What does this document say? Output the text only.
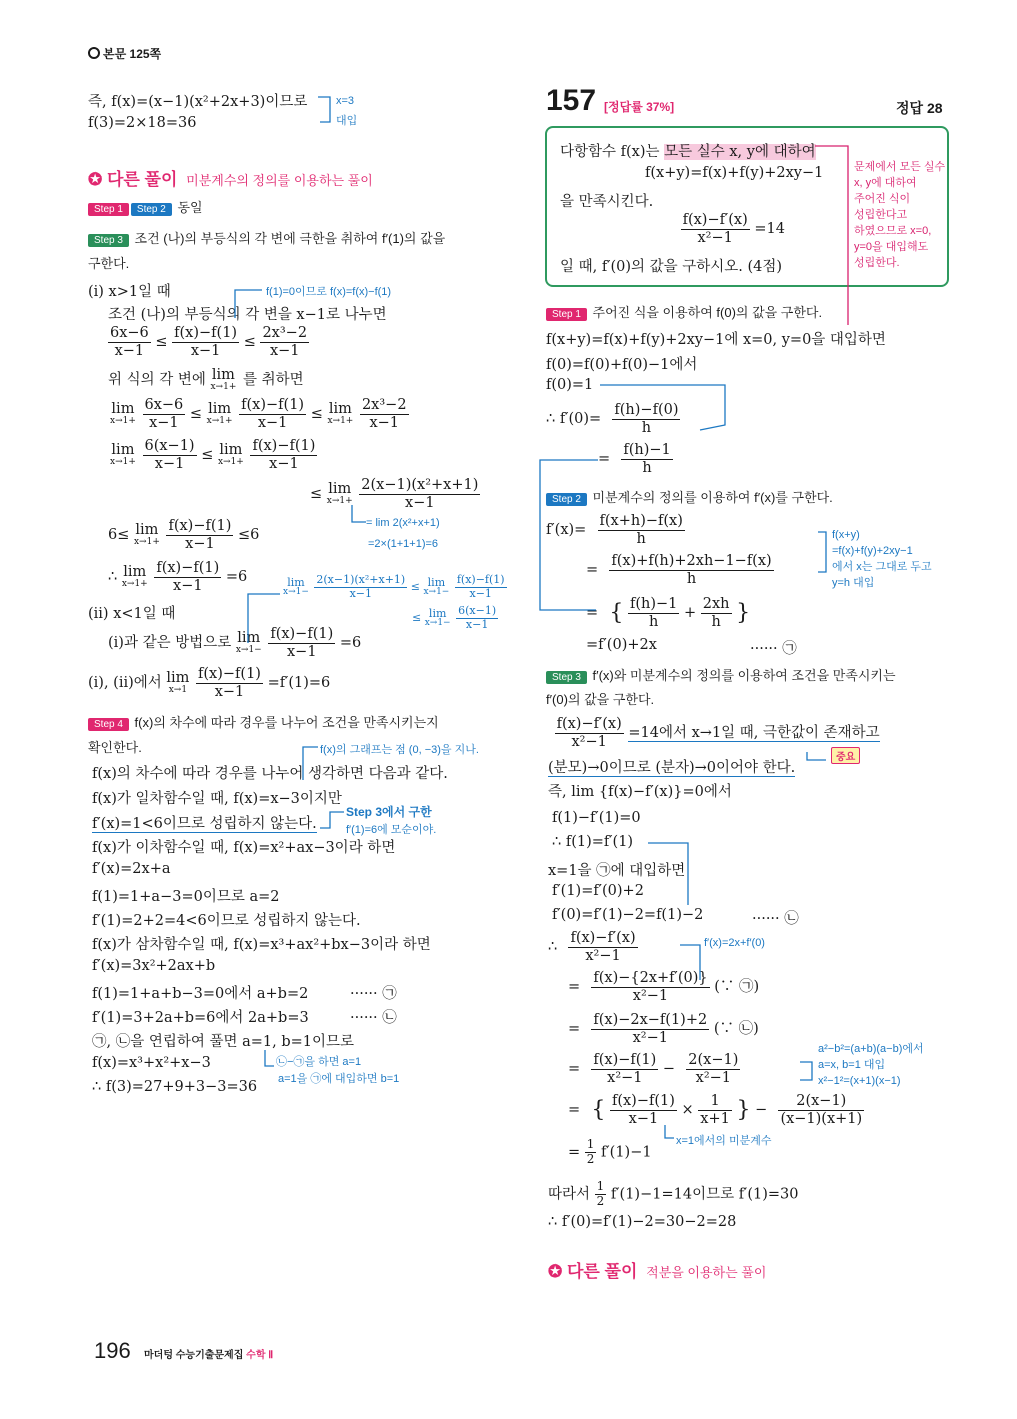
본문 125쪽
즉, f(x)=(x−1)(x²+2x+3)이므로
f(3)=2×18=36
x=3
대입
✪ 다른 풀이 미분계수의 정의를 이용하는 풀이
Step 1 Step 2 동일
Step 3 조건 (나)의 부등식의 각 변에 극한을 취하여 f′(1)의 값을
구한다.
(ⅰ) x>1일 때	f(1)=0이므로 f(x)=f(x)−f(1)
조건 (나)의 부등식의 각 변을 x−1로 나누면
$\frac{6x-6}{x-1} \le \frac{f(x)-f(1)}{x-1} \le \frac{\text{2x³−2}}{x-1}$
위 식의 각 변에 lim
x→1+ 를 취하면
lim
x→1+
$\frac{6x-6}{x-1} \le \lim$
x→1+
$\frac{f(x)-f(1)}{x-1} \le \lim$
x→1+
$\frac{\text{2x³−2}}{x-1}$
lim
x→1+
$\frac{6(x-1)}{x-1} \le \lim$
x→1+
$\frac{f(x)-f(1)}{x-1}$
≤ lim
x→1+
$\frac{\text{2(x−1)(x²+x+1)}}{x-1}$
= lim 2(x²+x+1)
=2×(1+1+1)=6
6≤ lim
x→1+
$\frac{f(x)-f(1)}{x-1} \le 6$
∴ lim
x→1+
$\frac{f(x)-f(1)}{x-1} =6$	lim
x→1−
$\frac{\text{2(x−1)(x²+x+1)}}{x-1} \le \lim$
x→1−
$\frac{f(x)-f(1)}{x-1}$
≤ lim
x→1−
$\frac{6(x-1)}{x-1}$
(ⅱ) x<1일 때
(ⅰ)과 같은 방법으로 lim
x→1−
$\frac{f(x)-f(1)}{x-1} =6$
(ⅰ), (ⅱ)에서 lim
x→1
$\frac{f(x)-f(1)}{x-1} =f'(1)=6$
Step 4 f(x)의 차수에 따라 경우를 나누어 조건을 만족시키는지
확인한다.	f(x)의 그래프는 점 (0, −3)을 지나.
f(x)의 차수에 따라 경우를 나누어 생각하면 다음과 같다.
f(x)가 일차함수일 때, f(x)=x−3이지만
f′(x)=1<6이므로 성립하지 않는다.
Step 3에서 구한
f′(1)=6에 모순이야.
f(x)가 이차함수일 때, f(x)=x²+ax−3이라 하면
f′(x)=2x+a
f(1)=1+a−3=0이므로 a=2
f′(1)=2+2=4<6이므로 성립하지 않는다.
f(x)가 삼차함수일 때, f(x)=x³+ax²+bx−3이라 하면
f′(x)=3x²+2ax+b
f(1)=1+a+b−3=0에서 a+b=2	······ ㉠
f′(1)=3+2a+b=6에서 2a+b=3	······ ㉡
㉠, ㉡을 연립하여 풀면 a=1, b=1이므로
f(x)=x³+x²+x−3
∴ f(3)=27+9+3−3=36
㉡−㉠을 하면 a=1
a=1을 ㉠에 대입하면 b=1
196 마더텅 수능기출문제집 수학 Ⅱ
157 [정답률 37%]	정답 28
다항함수 f(x)는 모든 실수 x, y에 대하여
f(x+y)=f(x)+f(y)+2xy−1
을 만족시킨다.

$\frac{f(x)-f'(x)}{\text{x²−1}} =14$
일 때, f′(0)의 값을 구하시오. (4점)
문제에서 모든 실수
x, y에 대하여
주어진 식이
성립한다고
하였으므로 x=0,
y=0을 대입해도
성립한다.
Step 1 주어진 식을 이용하여 f(0)의 값을 구한다.
f(x+y)=f(x)+f(y)+2xy−1에 x=0, y=0을 대입하면
f(0)=f(0)+f(0)−1에서
f(0)=1
∴ f′(0)=
$\frac{f(h)-f(0)}{h}$
=
$\frac{f(h)-1}{h}$
Step 2 미분계수의 정의를 이용하여 f′(x)를 구한다.
f′(x)=
$\frac{f(x+h)-f(x)}{h}$
=
$\frac{f(x)+f(h)+2xh-1-f(x)}{h}$
f(x+y)
=f(x)+f(y)+2xy−1
에서 x는 그대로 두고
y=h 대입
= { $\frac{f(h)-1}{h} + \frac{2xh}{h}$ }
=f′(0)+2x	······ ㉠
Step 3 f′(x)와 미분계수의 정의를 이용하여 조건을 만족시키는
f′(0)의 값을 구한다.

$\frac{f(x)-f'(x)}{\text{x²−1}} =14$에서 x→1일 때, 극한값이 존재하고
(분모)→0이므로 (분자)→0이어야 한다.
중요
즉, lim {f(x)−f′(x)}=0에서
f(1)−f′(1)=0
∴ f(1)=f′(1)
x=1을 ㉠에 대입하면
f′(1)=f′(0)+2
f′(0)=f′(1)−2=f(1)−2	······ ㉡
∴
$\frac{f(x)-f'(x)}{\text{x²−1}}$	f′(x)=2x+f′(0)
=
$\frac{f(x)-\{2x+f'(0)\}}{\text{x²−1}}$ (∵ ㉠)
=
$\frac{f(x)-2x-f(1)+2}{\text{x²−1}}$ (∵ ㉡)
=
$\frac{f(x)-f(1)}{\text{x²−1}}$ −
$\frac{2(x-1)}{\text{x²−1}}$
a²−b²=(a+b)(a−b)에서
a=x, b=1 대입
x²−1²=(x+1)(x−1)
= { $\frac{f(x)-f(1)}{x-1} \times \frac{1}{x+1}$ } −
$\frac{2(x-1)}{(x-1)(x+1)}$
x=1에서의 미분계수
= $\frac{1}{2} f'(1)-1$
따라서 $\frac{1}{2} f'(1)-1=14$이므로 f′(1)=30
∴ f′(0)=f′(1)−2=30−2=28
✪ 다른 풀이 적분을 이용하는 풀이
